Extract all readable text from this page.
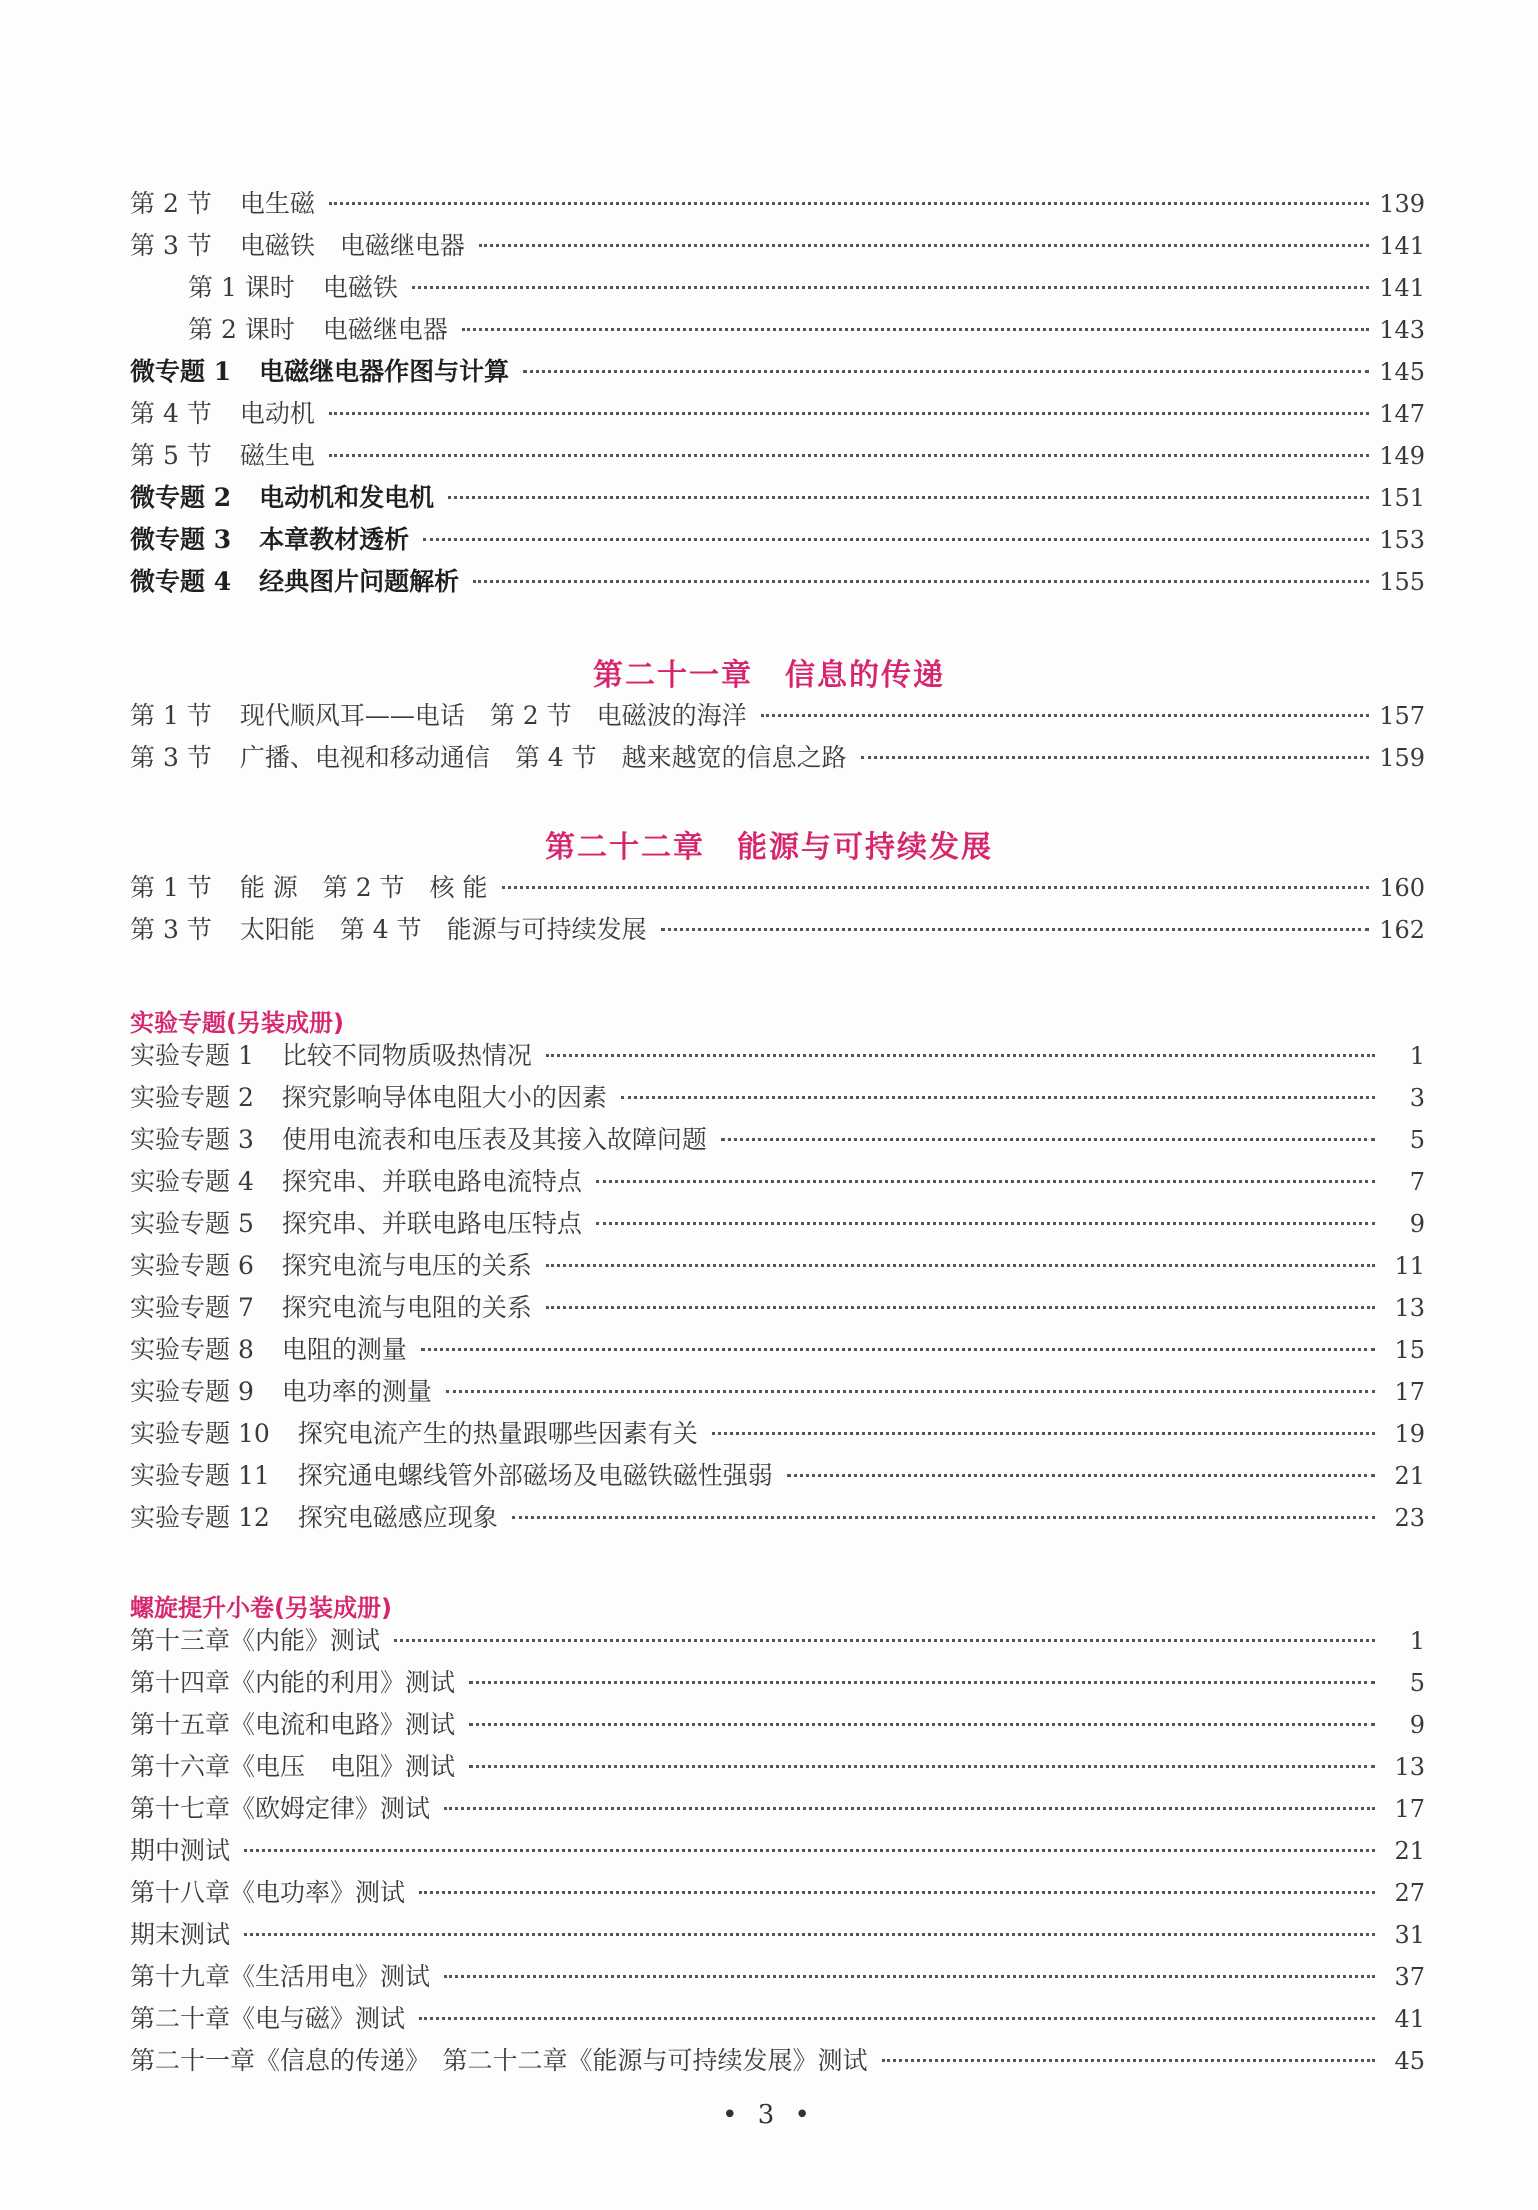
第 2 节 电生磁	139
第 3 节 电磁铁　电磁继电器	141
第 1 课时 电磁铁	141
第 2 课时 电磁继电器	143
微专题 1 电磁继电器作图与计算	145
第 4 节 电动机	147
第 5 节 磁生电	149
微专题 2 电动机和发电机	151
微专题 3 本章教材透析	153
微专题 4 经典图片问题解析	155
第二十一章　信息的传递
第 1 节 现代顺风耳——电话　第 2 节　电磁波的海洋	157
第 3 节 广播、电视和移动通信　第 4 节　越来越宽的信息之路	159
第二十二章　能源与可持续发展
第 1 节 能 源　第 2 节　核 能	160
第 3 节 太阳能　第 4 节　能源与可持续发展	162
实验专题(另装成册)
实验专题 1 比较不同物质吸热情况	1
实验专题 2 探究影响导体电阻大小的因素	3
实验专题 3 使用电流表和电压表及其接入故障问题	5
实验专题 4 探究串、并联电路电流特点	7
实验专题 5 探究串、并联电路电压特点	9
实验专题 6 探究电流与电压的关系	11
实验专题 7 探究电流与电阻的关系	13
实验专题 8 电阻的测量	15
实验专题 9 电功率的测量	17
实验专题 10 探究电流产生的热量跟哪些因素有关	19
实验专题 11 探究通电螺线管外部磁场及电磁铁磁性强弱	21
实验专题 12 探究电磁感应现象	23
螺旋提升小卷(另装成册)
第十三章《内能》测试	1
第十四章《内能的利用》测试	5
第十五章《电流和电路》测试	9
第十六章《电压　电阻》测试	13
第十七章《欧姆定律》测试	17
期中测试	21
第十八章《电功率》测试	27
期末测试	31
第十九章《生活用电》测试	37
第二十章《电与磁》测试	41
第二十一章《信息的传递》　第二十二章《能源与可持续发展》测试	45
• 3 •
